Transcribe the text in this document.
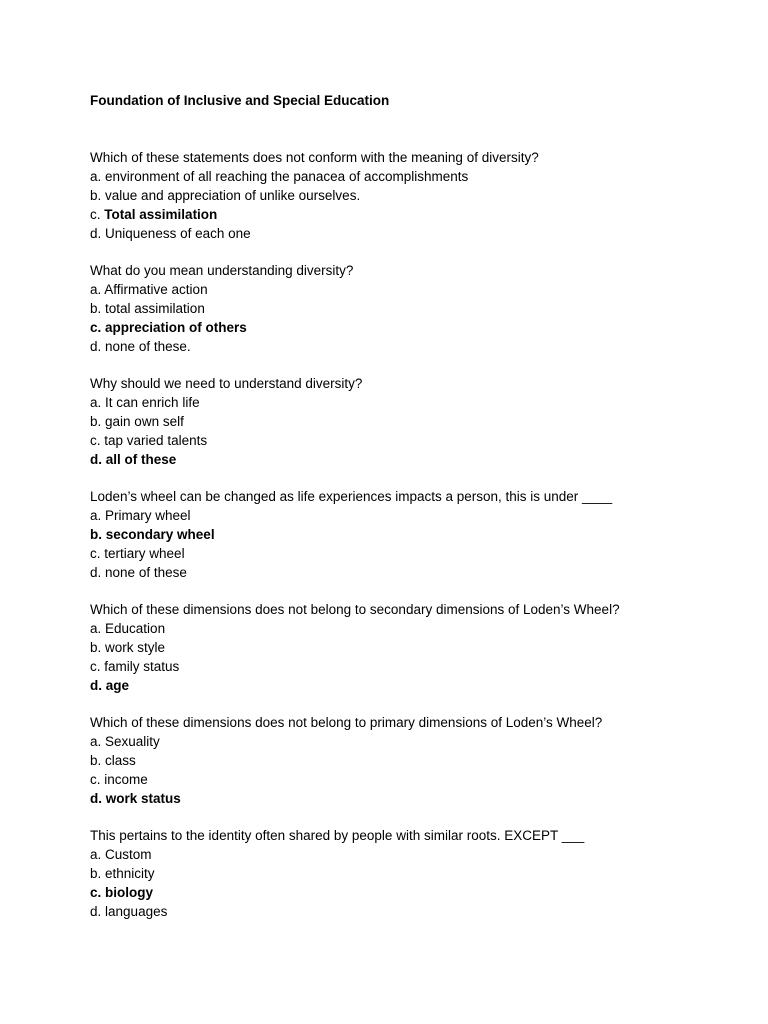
Foundation of Inclusive and Special Education
Which of these statements does not conform with the meaning of diversity?
a. environment of all reaching the panacea of accomplishments
b. value and appreciation of unlike ourselves.
c. Total assimilation
d. Uniqueness of each one
What do you mean understanding diversity?
a. Affirmative action
b. total assimilation
c. appreciation of others
d. none of these.
Why should we need to understand diversity?
a. It can enrich life
b. gain own self
c. tap varied talents
d. all of these
Loden’s wheel can be changed as life experiences impacts a person, this is under ____
a. Primary wheel
b. secondary wheel
c. tertiary wheel
d. none of these
Which of these dimensions does not belong to secondary dimensions of Loden’s Wheel?
a. Education
b. work style
c. family status
d. age
Which of these dimensions does not belong to primary dimensions of Loden’s Wheel?
a. Sexuality
b. class
c. income
d. work status
This pertains to the identity often shared by people with similar roots. EXCEPT ___
a. Custom
b. ethnicity
c. biology
d. languages
